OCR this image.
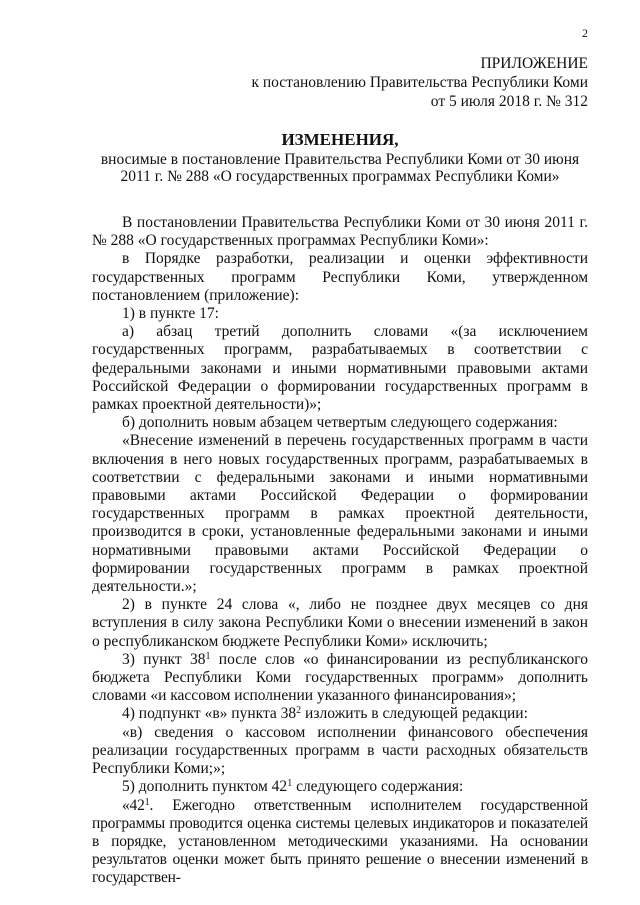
2
ПРИЛОЖЕНИЕ
к постановлению Правительства Республики Коми
от 5 июля 2018 г. № 312
ИЗМЕНЕНИЯ,
вносимые в постановление Правительства Республики Коми от 30 июня 2011 г. № 288 «О государственных программах Республики Коми»

В постановлении Правительства Республики Коми от 30 июня 2011 г. № 288 «О государственных программах Республики Коми»:

в Порядке разработки, реализации и оценки эффективности государственных программ Республики Коми, утвержденном постановлением (приложение):

1) в пункте 17:

а) абзац третий дополнить словами «(за исключением государственных программ, разрабатываемых в соответствии с федеральными законами и иными нормативными правовыми актами Российской Федерации о формировании государственных программ в рамках проектной деятельности)»;

б) дополнить новым абзацем четвертым следующего содержания:

«Внесение изменений в перечень государственных программ в части включения в него новых государственных программ, разрабатываемых в соответствии с федеральными законами и иными нормативными правовыми актами Российской Федерации о формировании государственных программ в рамках проектной деятельности, производится в сроки, установленные федеральными законами и иными нормативными правовыми актами Российской Федерации о формировании государственных программ в рамках проектной деятельности.»;

2) в пункте 24 слова «, либо не позднее двух месяцев со дня вступления в силу закона Республики Коми о внесении изменений в закон о республиканском бюджете Республики Коми» исключить;

3) пункт $38^1$ после слов «о финансировании из республиканского бюджета Республики Коми государственных программ» дополнить словами «и кассовом исполнении указанного финансирования»;

4) подпункт «в» пункта $38^2$ изложить в следующей редакции:

«в) сведения о кассовом исполнении финансового обеспечения реализации государственных программ в части расходных обязательств Республики Коми;»;

5) дополнить пунктом $42^1$ следующего содержания:

«$42^1$. Ежегодно ответственным исполнителем государственной программы проводится оценка системы целевых индикаторов и показателей в порядке, установленном методическими указаниями. На основании результатов оценки может быть принято решение о внесении изменений в государствен-
